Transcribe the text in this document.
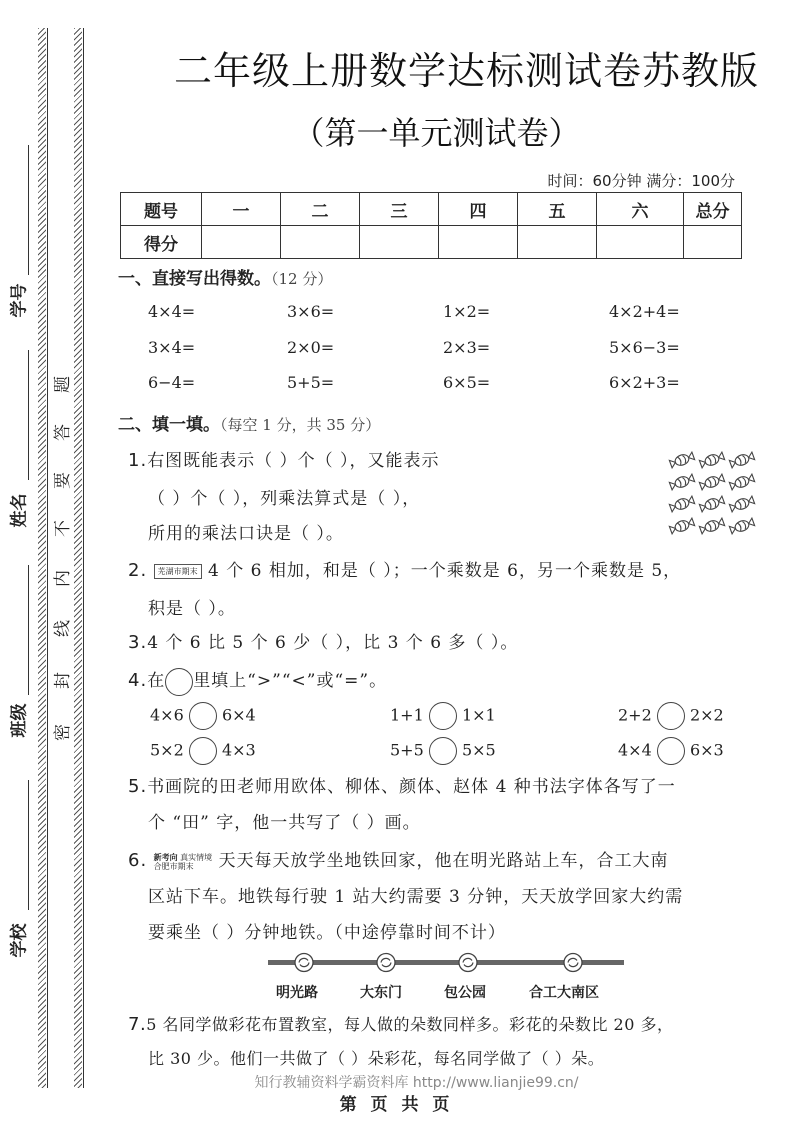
学号
姓名
班级
学校
题
答
要
不
内
线
封
密
二年级上册数学达标测试卷苏教版
（第一单元测试卷）
时间：60分钟 满分：100分
题号	一	二	三	四	五	六	总分
得分							
一、直接写出得数。（12 分）
4×4=	3×6=	1×2=	4×2+4=
3×4=	2×0=	2×3=	5×6−3=
6−4=	5+5=	6×5=	6×2+3=
二、填一填。（每空 1 分，共 35 分）
1.右图既能表示（ ）个（ ），又能表示
（ ）个（ ），列乘法算式是（ ），
所用的乘法口诀是（ ）。
2. 芜湖市期末 4 个 6 相加，和是（ ）；一个乘数是 6，另一个乘数是 5，
积是（ ）。
3.4 个 6 比 5 个 6 少（ ），比 3 个 6 多（ ）。
4.在 里填上“>”“<”或“=”。
4×6 6×4	1+1 1×1	2+2 2×2
5×2 4×3	5+5 5×5	4×4 6×3
5.书画院的田老师用欧体、柳体、颜体、赵体 4 种书法字体各写了一
个 “田” 字，他一共写了（ ）画。
6. 新考向 真实情境
合肥市期末 天天每天放学坐地铁回家，他在明光路站上车，合工大南
区站下车。地铁每行驶 1 站大约需要 3 分钟，天天放学回家大约需
要乘坐（ ）分钟地铁。（中途停靠时间不计）
明光路	大东门	包公园	合工大南区
7.5 名同学做彩花布置教室，每人做的朵数同样多。彩花的朵数比 20 多，
比 30 少。他们一共做了（ ）朵彩花，每名同学做了（ ）朵。
知行教辅资料学霸资料库 http://www.lianjie99.cn/
第 页 共 页
